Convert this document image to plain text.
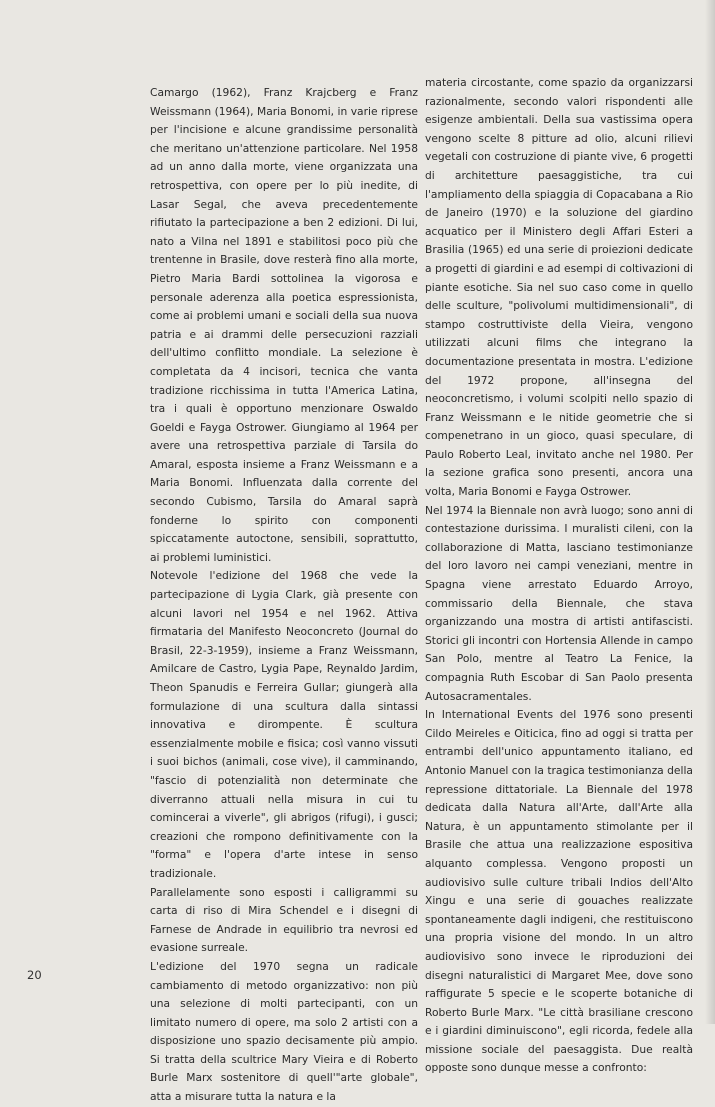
Camargo (1962), Franz Krajcberg e Franz Weissmann (1964), Maria Bonomi, in varie riprese per l'incisione e alcune grandissime personalità che meritano un'attenzione particolare. Nel 1958 ad un anno dalla morte, viene organizzata una retrospettiva, con opere per lo più inedite, di Lasar Segal, che aveva precedentemente rifiutato la partecipazione a ben 2 edizioni. Di lui, nato a Vilna nel 1891 e stabilitosi poco più che trentenne in Brasile, dove resterà fino alla morte, Pietro Maria Bardi sottolinea la vigorosa e personale aderenza alla poetica espressionista, come ai problemi umani e sociali della sua nuova patria e ai drammi delle persecuzioni razziali dell'ultimo conflitto mondiale. La selezione è completata da 4 incisori, tecnica che vanta tradizione ricchissima in tutta l'America Latina, tra i quali è opportuno menzionare Oswaldo Goeldi e Fayga Ostrower. Giungiamo al 1964 per avere una retrospettiva parziale di Tarsila do Amaral, esposta insieme a Franz Weissmann e a Maria Bonomi. Influenzata dalla corrente del secondo Cubismo, Tarsila do Amaral saprà fonderne lo spirito con componenti spiccatamente autoctone, sensibili, soprattutto, ai problemi luministici.

Notevole l'edizione del 1968 che vede la partecipazione di Lygia Clark, già presente con alcuni lavori nel 1954 e nel 1962. Attiva firmataria del Manifesto Neoconcreto (Journal do Brasil, 22-3-1959), insieme a Franz Weissmann, Amilcare de Castro, Lygia Pape, Reynaldo Jardim, Theon Spanudis e Ferreira Gullar; giungerà alla formulazione di una scultura dalla sintassi innovativa e dirompente. È scultura essenzialmente mobile e fisica; così vanno vissuti i suoi bichos (animali, cose vive), il camminando, "fascio di potenzialità non determinate che diverranno attuali nella misura in cui tu comincerai a viverle", gli abrigos (rifugi), i gusci; creazioni che rompono definitivamente con la "forma" e l'opera d'arte intese in senso tradizionale.

Parallelamente sono esposti i calligrammi su carta di riso di Mira Schendel e i disegni di Farnese de Andrade in equilibrio tra nevrosi ed evasione surreale.

L'edizione del 1970 segna un radicale cambiamento di metodo organizzativo: non più una selezione di molti partecipanti, con un limitato numero di opere, ma solo 2 artisti con a disposizione uno spazio decisamente più ampio. Si tratta della scultrice Mary Vieira e di Roberto Burle Marx sostenitore di quell'"arte globale", atta a misurare tutta la natura e la

materia circostante, come spazio da organizzarsi razionalmente, secondo valori rispondenti alle esigenze ambientali. Della sua vastissima opera vengono scelte 8 pitture ad olio, alcuni rilievi vegetali con costruzione di piante vive, 6 progetti di architetture paesaggistiche, tra cui l'ampliamento della spiaggia di Copacabana a Rio de Janeiro (1970) e la soluzione del giardino acquatico per il Ministero degli Affari Esteri a Brasilia (1965) ed una serie di proiezioni dedicate a progetti di giardini e ad esempi di coltivazioni di piante esotiche. Sia nel suo caso come in quello delle sculture, "polivolumi multidimensionali", di stampo costruttiviste della Vieira, vengono utilizzati alcuni films che integrano la documentazione presentata in mostra. L'edizione del 1972 propone, all'insegna del neoconcretismo, i volumi scolpiti nello spazio di Franz Weissmann e le nitide geometrie che si compenetrano in un gioco, quasi speculare, di Paulo Roberto Leal, invitato anche nel 1980. Per la sezione grafica sono presenti, ancora una volta, Maria Bonomi e Fayga Ostrower.

Nel 1974 la Biennale non avrà luogo; sono anni di contestazione durissima. I muralisti cileni, con la collaborazione di Matta, lasciano testimonianze del loro lavoro nei campi veneziani, mentre in Spagna viene arrestato Eduardo Arroyo, commissario della Biennale, che stava organizzando una mostra di artisti antifascisti. Storici gli incontri con Hortensia Allende in campo San Polo, mentre al Teatro La Fenice, la compagnia Ruth Escobar di San Paolo presenta Autosacramentales.

In International Events del 1976 sono presenti Cildo Meireles e Oiticica, fino ad oggi si tratta per entrambi dell'unico appuntamento italiano, ed Antonio Manuel con la tragica testimonianza della repressione dittatoriale. La Biennale del 1978 dedicata dalla Natura all'Arte, dall'Arte alla Natura, è un appuntamento stimolante per il Brasile che attua una realizzazione espositiva alquanto complessa. Vengono proposti un audiovisivo sulle culture tribali Indios dell'Alto Xingu e una serie di gouaches realizzate spontaneamente dagli indigeni, che restituiscono una propria visione del mondo. In un altro audiovisivo sono invece le riproduzioni dei disegni naturalistici di Margaret Mee, dove sono raffigurate 5 specie e le scoperte botaniche di Roberto Burle Marx. "Le città brasiliane crescono e i giardini diminuiscono", egli ricorda, fedele alla missione sociale del paesaggista. Due realtà opposte sono dunque messe a confronto:

20
